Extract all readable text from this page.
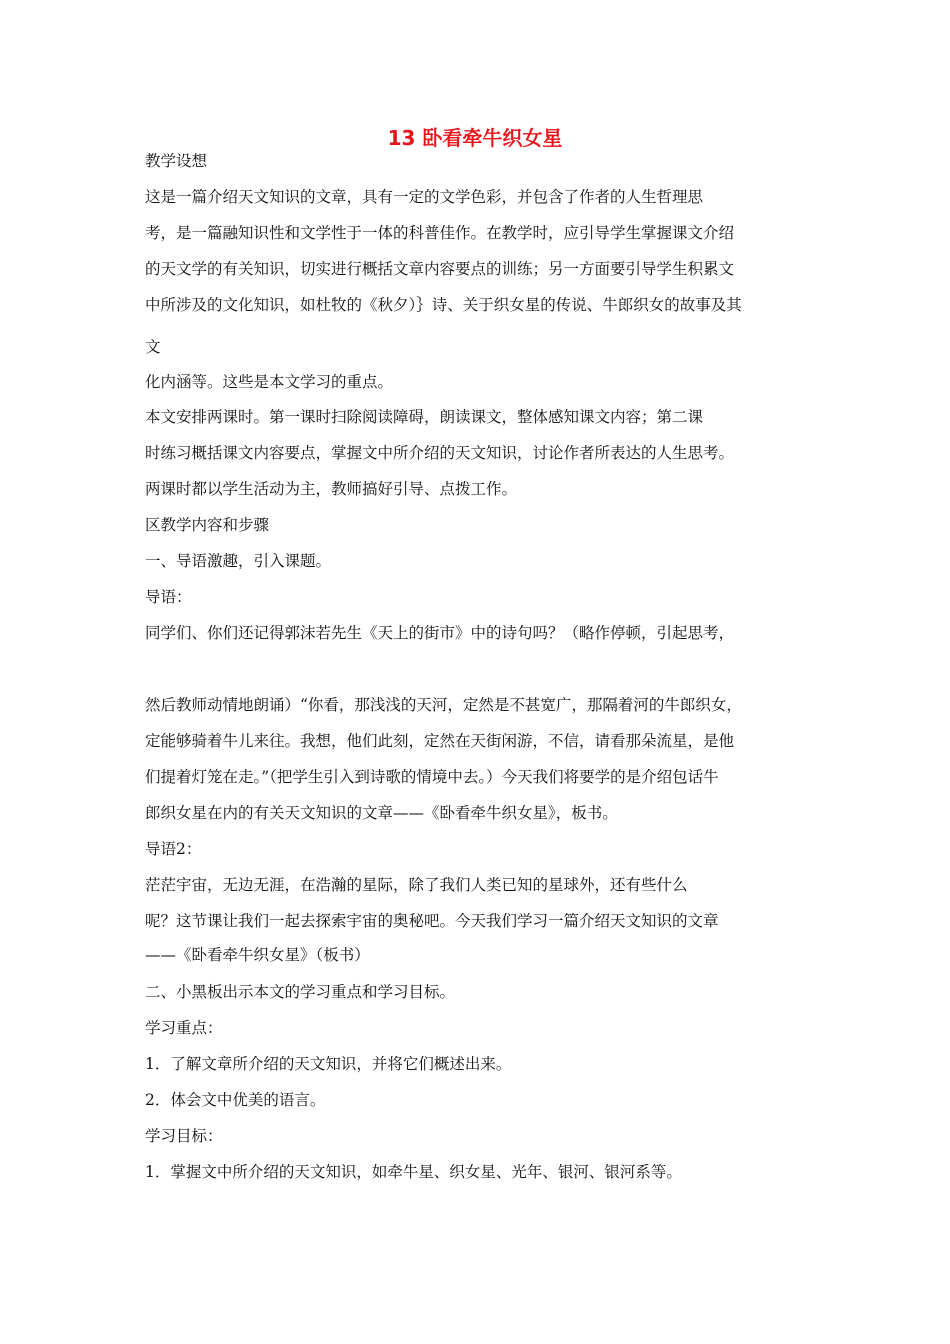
13 卧看牵牛织女星
教学设想
这是一篇介绍天文知识的文章，具有一定的文学色彩，并包含了作者的人生哲理思
考，是一篇融知识性和文学性于一体的科普佳作。在教学时，应引导学生掌握课文介绍
的天文学的有关知识，切实进行概括文章内容要点的训练；另一方面要引导学生积累文
中所涉及的文化知识，如杜牧的《秋夕）｝诗、关于织女星的传说、牛郎织女的故事及其
文
化内涵等。这些是本文学习的重点。
本文安排两课时。第一课时扫除阅读障碍，朗读课文，整体感知课文内容；第二课
时练习概括课文内容要点，掌握文中所介绍的天文知识，讨论作者所表达的人生思考。
两课时都以学生活动为主，教师搞好引导、点拨工作。
区教学内容和步骤
一、导语激趣，引入课题。
导语：
同学们、你们还记得郭沫若先生《天上的街市》中的诗句吗？（略作停顿，引起思考，
然后教师动情地朗诵）“你看，那浅浅的天河，定然是不甚宽广，那隔着河的牛郎织女，
定能够骑着牛儿来往。我想，他们此刻，定然在天街闲游，不信，请看那朵流星，是他
们提着灯笼在走。”（把学生引入到诗歌的情境中去。）今天我们将要学的是介绍包话牛
郎织女星在内的有关天文知识的文章——《卧看牵牛织女星》，板书。
导语2：
茫茫宇宙，无边无涯，在浩瀚的星际，除了我们人类已知的星球外，还有些什么
呢？这节课让我们一起去探索宇宙的奥秘吧。今天我们学习一篇介绍天文知识的文章
——《卧看牵牛织女星》（板书）
二、小黑板出示本文的学习重点和学习目标。
学习重点：
1．了解文章所介绍的天文知识，并将它们概述出来。
2．体会文中优美的语言。
学习目标：
1．掌握文中所介绍的天文知识，如牵牛星、织女星、光年、银河、银河系等。
